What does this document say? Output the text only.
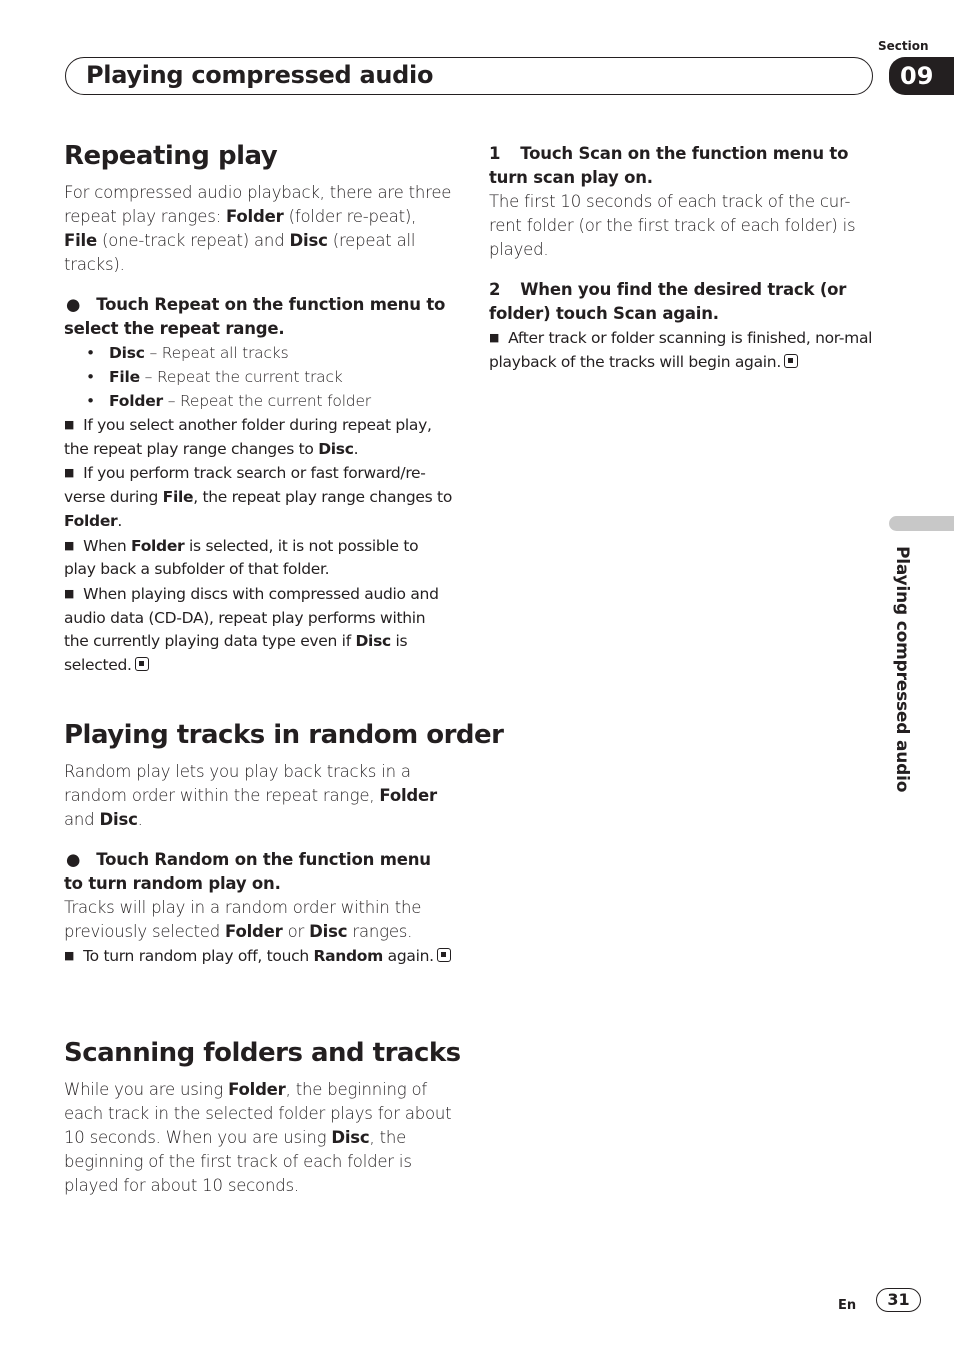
Section
Playing compressed audio	09
Repeating play

For compressed audio playback, there are three repeat play ranges: Folder (folder re-peat), File (one-track repeat) and Disc (repeat all tracks).

● Touch Repeat on the function menu to select the repeat range.

• Disc – Repeat all tracks
• File – Repeat the current track
• Folder – Repeat the current folder

■ If you select another folder during repeat play, the repeat play range changes to Disc.

■ If you perform track search or fast forward/re-verse during File, the repeat play range changes to Folder.

■ When Folder is selected, it is not possible to play back a subfolder of that folder.

■ When playing discs with compressed audio and audio data (CD-DA), repeat play performs within the currently playing data type even if Disc is selected.

Playing tracks in random order

Random play lets you play back tracks in a random order within the repeat range, Folder and Disc.

● Touch Random on the function menu to turn random play on.

Tracks will play in a random order within the previously selected Folder or Disc ranges.

■ To turn random play off, touch Random again.

Scanning folders and tracks

While you are using Folder, the beginning of each track in the selected folder plays for about 10 seconds. When you are using Disc, the beginning of the first track of each folder is played for about 10 seconds.

1 Touch Scan on the function menu to turn scan play on.

The first 10 seconds of each track of the cur-rent folder (or the first track of each folder) is played.

2 When you find the desired track (or folder) touch Scan again.

■ After track or folder scanning is finished, nor-mal playback of the tracks will begin again.

Playing compressed audio
En	31
